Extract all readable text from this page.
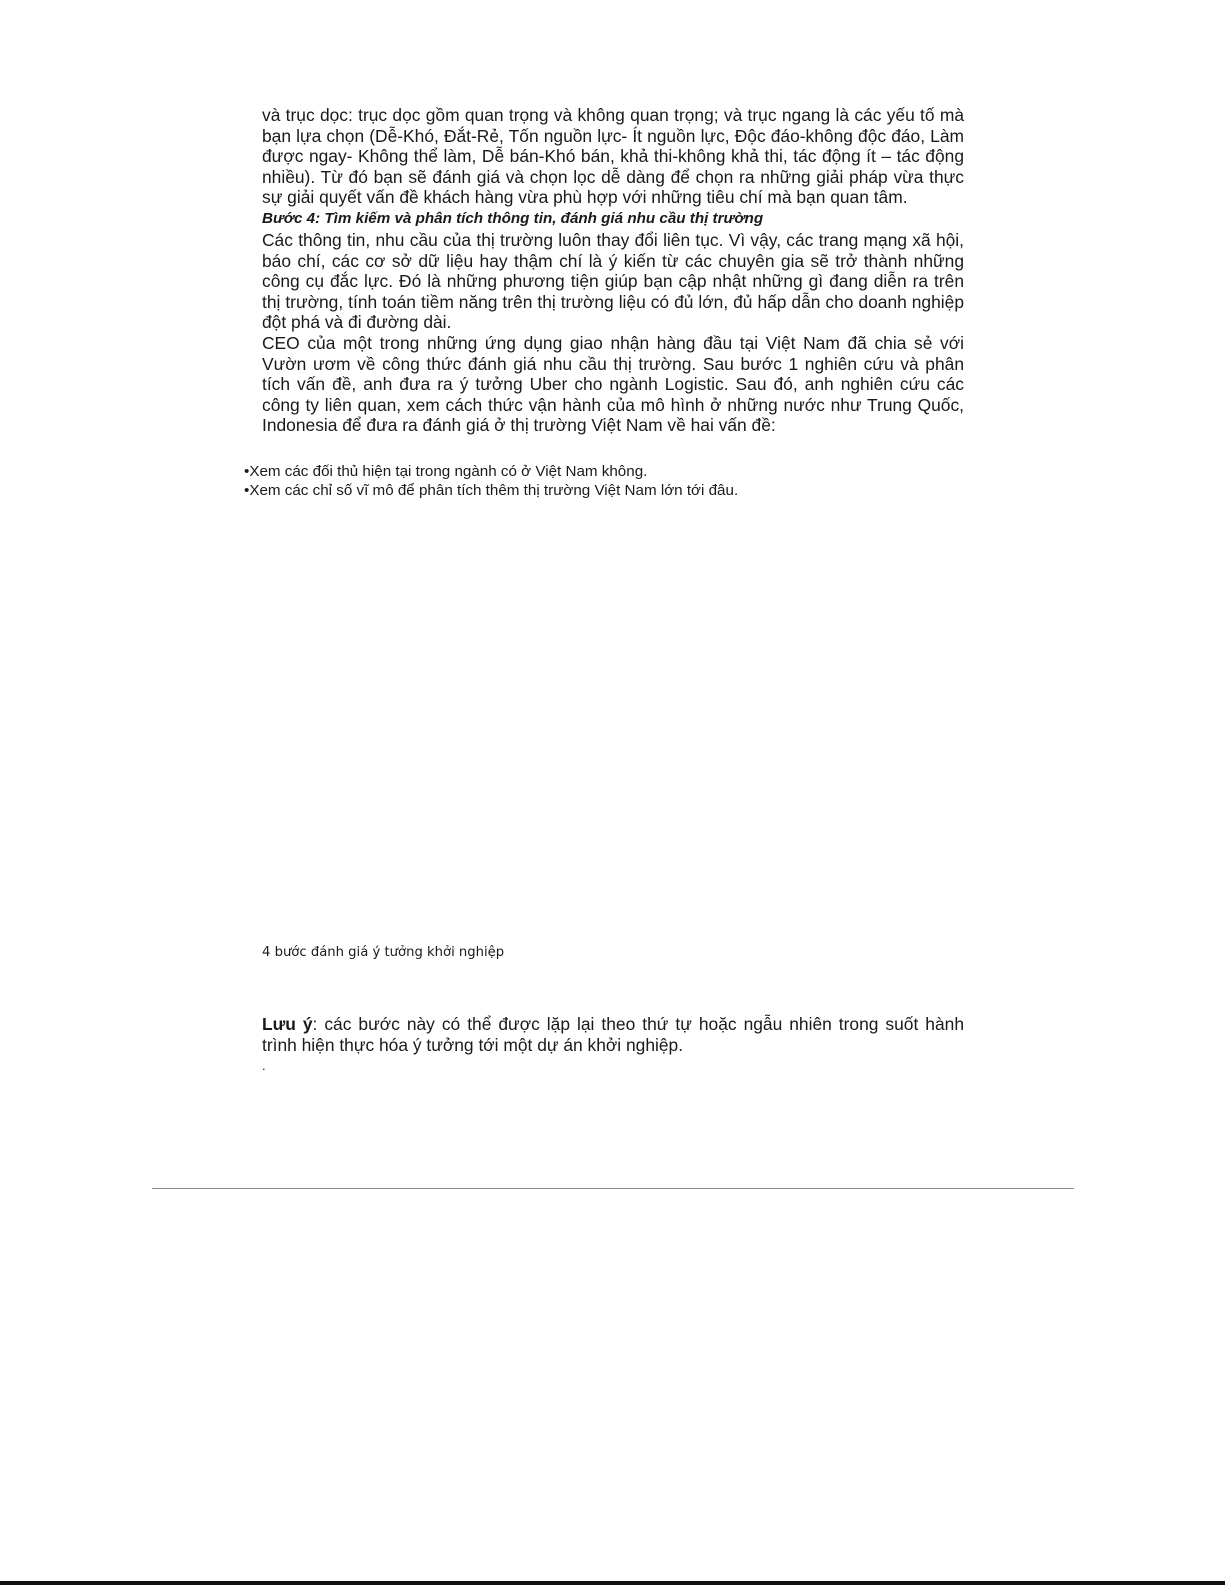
và trục dọc: trục dọc gồm quan trọng và không quan trọng; và trục ngang là các yếu tố mà bạn lựa chọn (Dễ-Khó, Đắt-Rẻ, Tốn nguồn lực- Ít nguồn lực, Độc đáo-không độc đáo, Làm được ngay- Không thể làm, Dễ bán-Khó bán, khả thi-không khả thi, tác động ít – tác động nhiều). Từ đó bạn sẽ đánh giá và chọn lọc dễ dàng để chọn ra những giải pháp vừa thực sự giải quyết vấn đề khách hàng vừa phù hợp với những tiêu chí mà bạn quan tâm.

Bước 4: Tìm kiếm và phân tích thông tin, đánh giá nhu cầu thị trường

Các thông tin, nhu cầu của thị trường luôn thay đổi liên tục. Vì vậy, các trang mạng xã hội, báo chí, các cơ sở dữ liệu hay thậm chí là ý kiến từ các chuyên gia sẽ trở thành những công cụ đắc lực. Đó là những phương tiện giúp bạn cập nhật những gì đang diễn ra trên thị trường, tính toán tiềm năng trên thị trường liệu có đủ lớn, đủ hấp dẫn cho doanh nghiệp đột phá và đi đường dài.

CEO của một trong những ứng dụng giao nhận hàng đầu tại Việt Nam đã chia sẻ với Vườn ươm về công thức đánh giá nhu cầu thị trường. Sau bước 1 nghiên cứu và phân tích vấn đề, anh đưa ra ý tưởng Uber cho ngành Logistic. Sau đó, anh nghiên cứu các công ty liên quan, xem cách thức vận hành của mô hình ở những nước như Trung Quốc, Indonesia để đưa ra đánh giá ở thị trường Việt Nam về hai vấn đề:

•Xem các đối thủ hiện tại trong ngành có ở Việt Nam không.
•Xem các chỉ số vĩ mô để phân tích thêm thị trường Việt Nam lớn tới đâu.

4 bước đánh giá ý tưởng khởi nghiệp

Lưu ý: các bước này có thể được lặp lại theo thứ tự hoặc ngẫu nhiên trong suốt hành trình hiện thực hóa ý tưởng tới một dự án khởi nghiệp.

.
